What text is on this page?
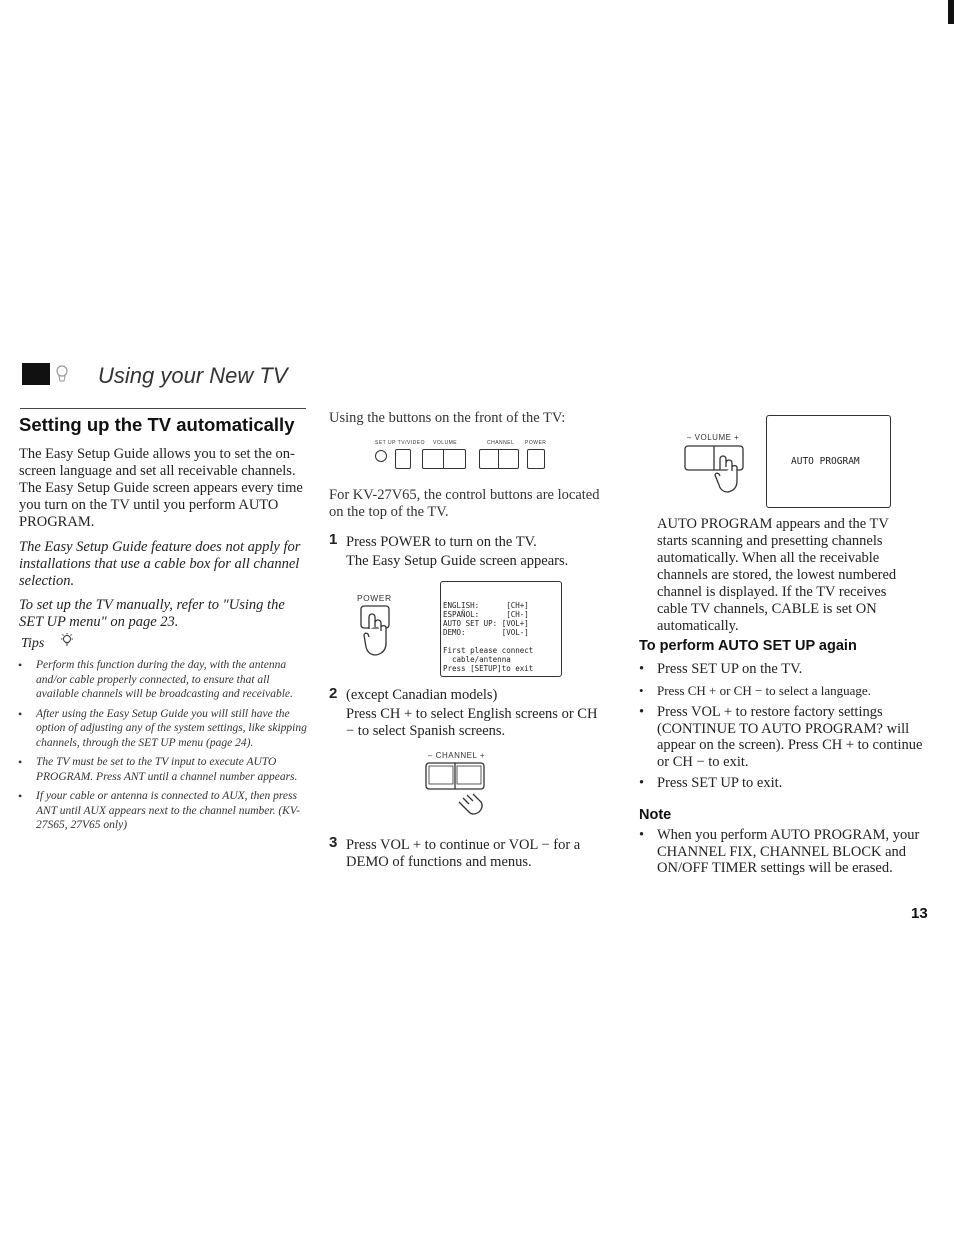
Using your New TV
Setting up the TV automatically
The Easy Setup Guide allows you to set the on-screen language and set all receivable channels. The Easy Setup Guide screen appears every time you turn on the TV until you perform AUTO PROGRAM.
The Easy Setup Guide feature does not apply for installations that use a cable box for all channel selection.
To set up the TV manually, refer to "Using the SET UP menu" on page 23.
Tips
• Perform this function during the day, with the antenna and/or cable properly connected, to ensure that all available channels will be broadcasting and receivable.
• After using the Easy Setup Guide you will still have the option of adjusting any of the system settings, like skipping channels, through the SET UP menu (page 24).
• The TV must be set to the TV input to execute AUTO PROGRAM. Press ANT until a channel number appears.
• If your cable or antenna is connected to AUX, then press ANT until AUX appears next to the channel number. (KV-27S65, 27V65 only)
Using the buttons on the front of the TV:
SET UP TV/VIDEO VOLUME	CHANNEL POWER
For KV-27V65, the control buttons are located on the top of the TV.
1 Press POWER to turn on the TV.
The Easy Setup Guide screen appears.
POWER
ENGLISH:      [CH+]
ESPAÑOL:      [CH-]
AUTO SET UP: [VOL+]
DEMO:        [VOL-]

First please connect
cable/antenna
Press [SETUP]to exit
2 (except Canadian models)
Press CH + to select English screens or CH − to select Spanish screens.
– CHANNEL +
3 Press VOL + to continue or VOL − for a DEMO of functions and menus.
– VOLUME +
AUTO PROGRAM
AUTO PROGRAM appears and the TV starts scanning and presetting channels automatically. When all the receivable channels are stored, the lowest numbered channel is displayed. If the TV receives cable TV channels, CABLE is set ON automatically.
To perform AUTO SET UP again
• Press SET UP on the TV.
• Press CH + or CH − to select a language.
• Press VOL + to restore factory settings (CONTINUE TO AUTO PROGRAM? will appear on the screen). Press CH + to continue or CH − to exit.
• Press SET UP to exit.
Note
• When you perform AUTO PROGRAM, your CHANNEL FIX, CHANNEL BLOCK and ON/OFF TIMER settings will be erased.
13
